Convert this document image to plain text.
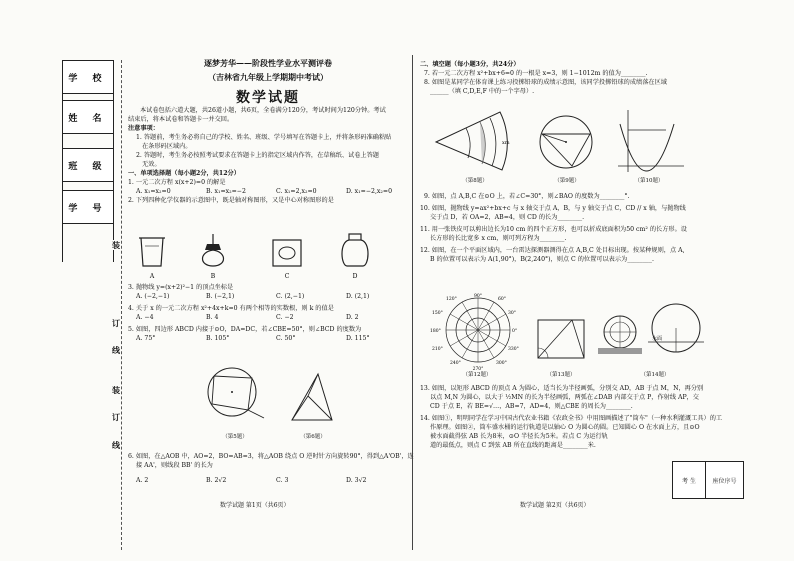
学 校
姓 名
班 级
学 号
装
订
线
装
订
线
逐梦芳华——阶段性学业水平测评卷
（吉林省九年级上学期期中考试）
数学试题

本试卷包括六道大题，共26道小题，共6页，全卷满分120分，考试时间为120分钟。考试

结束后，将本试卷和答题卡一并交回。

注意事项：

1. 答题前，考生务必将自己的学校、姓名、班级、学号填写在答题卡上，并将条形码准确粘贴

在条形码区域内。

2. 答题时，考生务必按照考试要求在答题卡上的指定区域内作答，在草稿纸、试卷上答题

无效。

一、单项选择题（每小题2分，共12分）

1. 一元二次方程 x(x+2)=0 的解是

A. x₁=x₂=0	B. x₁=x₂=−2	C. x₁=2,x₂=0	D. x₁=−2,x₂=0

2. 下列四种化学仪器的示意图中，既是轴对称图形，又是中心对称图形的是

A	B	C	D

3. 抛物线 y=(x+2)²−1 的顶点坐标是

A. (−2,−1)	B. (−2,1)	C. (2,−1)	D. (2,1)

4. 关于 x 的一元二次方程 x²+4x+k=0 有两个相等的实数根，则 k 的值是

A. −4	B. 4	C. −2	D. 2

5. 如图，四边形 ABCD 内接于⊙O，DA=DC，若∠CBE=50°，则∠BCD 的度数为

A. 75°	B. 105°	C. 50°	D. 115°

（第5题）	（第6题）

6. 如图，在△AOB 中，AO=2，BO=AB=3，将△AOB 绕点 O 逆时针方向旋转90°，得到△A'OB'，连

接 AA'，则线段 BB' 的长为

A. 2	B. 2√2	C. 3	D. 3√2

数学试题 第1页（共6页）

二、填空题（每小题3分，共24分）

7. 若一元二次方程 x²+bx+6=0 的一根是 x=3，则 1−1012m 的值为________.

8. 如图是某同学在体育课上练习投掷铅球的成绩示意图，该同学投掷铅球的成绩落在区域

______（填 C,D,E,F 中的一个字母）.

xm
（第8题）	（第9题）	（第10题）

9. 如图，点 A,B,C 在⊙O 上，若∠C=30°，则∠BAO 的度数为________°.

10. 如图，抛物线 y=ax²+bx+c 与 x 轴交于点 A，B，与 y 轴交于点 C，CD // x 轴，与抛物线

交于点 D，若 OA=2，AB=4，则 CD 的长为________.

11. 用一张铁皮可以剪出边长为10 cm 的四个正方形，也可以折成底面积为50 cm² 的长方形。设

长方形的长比宽多 x cm，则可列方程为________.

12. 如图，在一个平面区域内，一台雷达探测器测得在点 A,B,C 处目标出现。按某种规则，点 A,

B 的位置可以表示为 A(1,90°)，B(2,240°)，则点 C 的位置可以表示为________.

90°
60°
30°
0°
330°
300°
270°
240°
210°
180°
150°
120°
（第12题）	（第13题）
水面
（第14题）

13. 如图，以矩形 ABCD 的顶点 A 为圆心，适当长为半径画弧，分别交 AD，AB 于点 M，N，再分别

以点 M,N 为圆心，以大于 ½MN 的长为半径画弧，两弧在∠DAB 内部交于点 P，作射线 AP，交

CD 于点 E，若 BE=√…，AB=7，AD=4，则△CBE 的周长为________.

14. 如图①，明明同学在学习中国古代农业书籍《农政全书》中用图画描述了"筒车"（一种水利灌溉工具）的工

作原理。如图②，筒车盛水桶的运行轨道是以轴心 O 为圆心的圆。已知圆心 O 在水面上方，且⊙O

被水面截得弦 AB 长为8米，⊙O 半径长为5米。若点 C 为运行轨

道的最低点，则点 C 到弦 AB 所在直线的距离是________米.

考 生	座位序号
数学试题 第2页（共6页）
